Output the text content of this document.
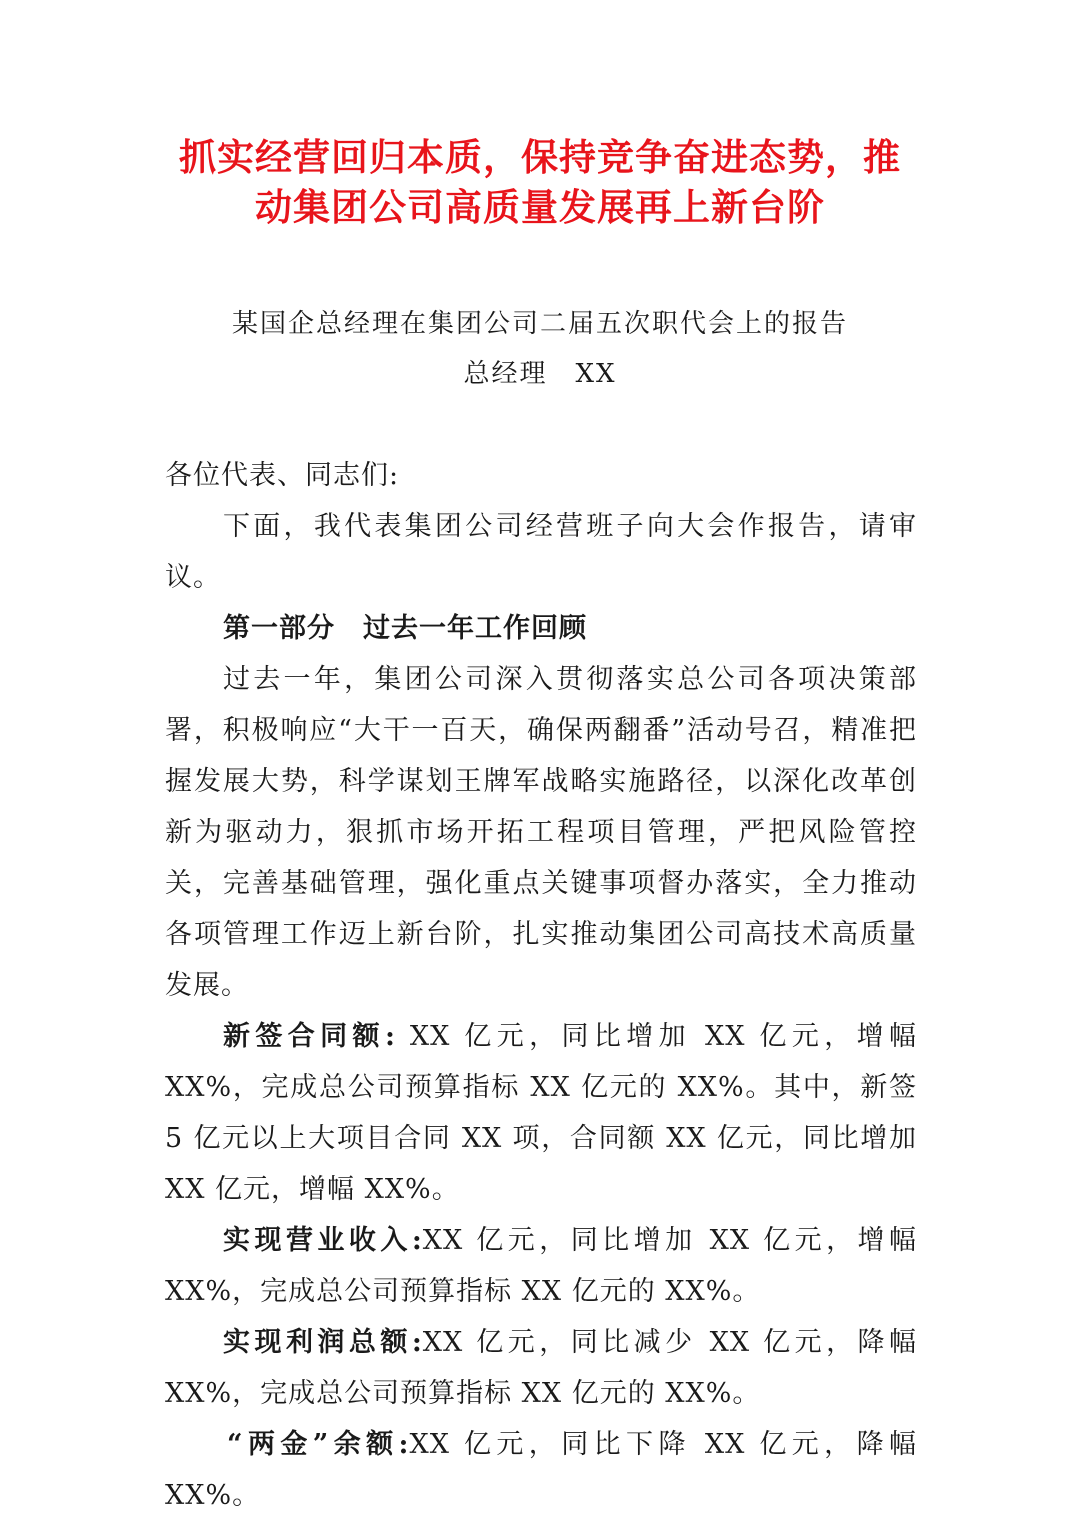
抓实经营回归本质，保持竞争奋进态势，推
动集团公司高质量发展再上新台阶
某国企总经理在集团公司二届五次职代会上的报告
总经理　XX

各位代表、同志们:

下面，我代表集团公司经营班子向大会作报告，请审议。

第一部分　过去一年工作回顾

过去一年，集团公司深入贯彻落实总公司各项决策部署，积极响应“大干一百天，确保两翻番”活动号召，精准把握发展大势，科学谋划王牌军战略实施路径，以深化改革创新为驱动力，狠抓市场开拓工程项目管理，严把风险管控关，完善基础管理，强化重点关键事项督办落实，全力推动各项管理工作迈上新台阶，扎实推动集团公司高技术高质量发展。

新签合同额: XX 亿元，同比增加 XX 亿元，增幅 XX%，完成总公司预算指标 XX 亿元的 XX%。其中，新签 5 亿元以上大项目合同 XX 项，合同额 XX 亿元，同比增加 XX 亿元，增幅 XX%。

实现营业收入:XX 亿元，同比增加 XX 亿元，增幅 XX%，完成总公司预算指标 XX 亿元的 XX%。

实现利润总额:XX 亿元，同比减少 XX 亿元，降幅 XX%，完成总公司预算指标 XX 亿元的 XX%。

“两金”余额:XX 亿元，同比下降 XX 亿元，降幅 XX%。
